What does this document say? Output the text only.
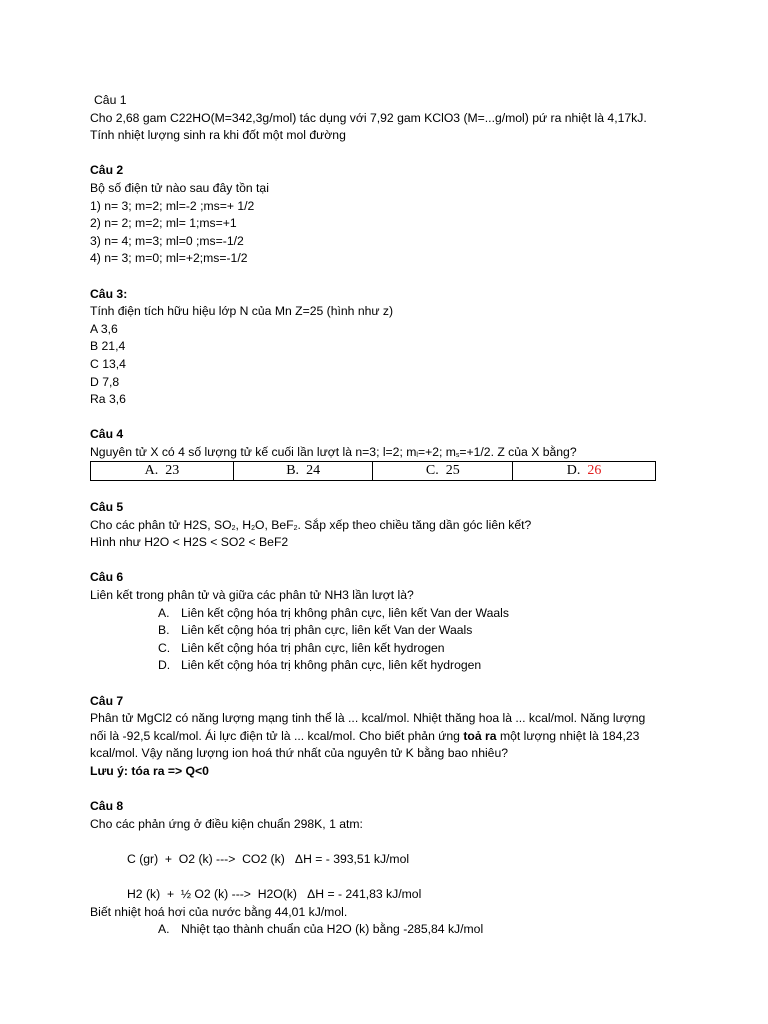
Câu 1
Cho 2,68 gam C22HO(M=342,3g/mol) tác dụng với 7,92 gam KClO3 (M=...g/mol) pứ ra nhiệt là 4,17kJ.
Tính nhiệt lượng sinh ra khi đốt một mol đường
Câu 2
Bộ số điện tử nào sau đây tồn tại
1) n= 3; m=2; ml=-2 ;ms=+ 1/2
2) n= 2; m=2; ml= 1;ms=+1
3) n= 4; m=3; ml=0 ;ms=-1/2
4) n= 3; m=0; ml=+2;ms=-1/2
Câu 3:
Tính điện tích hữu hiệu lớp N của Mn Z=25 (hình như z)
A 3,6
B 21,4
C 13,4
D 7,8
Ra 3,6
Câu 4
Nguyên tử X có 4 số lượng tử kế cuối lần lượt là n=3; l=2; $m_l=+2$; $m_s=+1/2$. Z của X bằng?
A. 23	B. 24	C. 25	D. 26
Câu 5
Cho các phân tử H2S, $SO_2$, $H_2O$, BeF$_2$. Sắp xếp theo chiều tăng dần góc liên kết?
Hình như H2O < H2S < SO2 < BeF2
Câu 6
Liên kết trong phân tử và giữa các phân tử NH3 lần lượt là?
A. Liên kết cộng hóa trị không phân cực, liên kết Van der Waals
B. Liên kết cộng hóa trị phân cực, liên kết Van der Waals
C. Liên kết cộng hóa trị phân cực, liên kết hydrogen
D. Liên kết cộng hóa trị không phân cực, liên kết hydrogen
Câu 7
Phân tử MgCl2 có năng lượng mạng tinh thể là ... kcal/mol. Nhiệt thăng hoa là ... kcal/mol. Năng lượng
nối là -92,5 kcal/mol. Ái lực điện tử là ... kcal/mol. Cho biết phản ứng toả ra một lượng nhiệt là 184,23
kcal/mol. Vậy năng lượng ion hoá thứ nhất của nguyên tử K bằng bao nhiêu?
Lưu ý: tóa ra => Q<0
Câu 8
Cho các phản ứng ở điều kiện chuẩn 298K, 1 atm:
C (gr)  +  O2 (k) --->  CO2 (k)   ΔH = - 393,51 kJ/mol
H2 (k)  +  ½ O2 (k) --->  H2O(k)   ΔH = - 241,83 kJ/mol
Biết nhiệt hoá hơi của nước bằng 44,01 kJ/mol.
A. Nhiệt tạo thành chuẩn của H2O (k) bằng -285,84 kJ/mol
